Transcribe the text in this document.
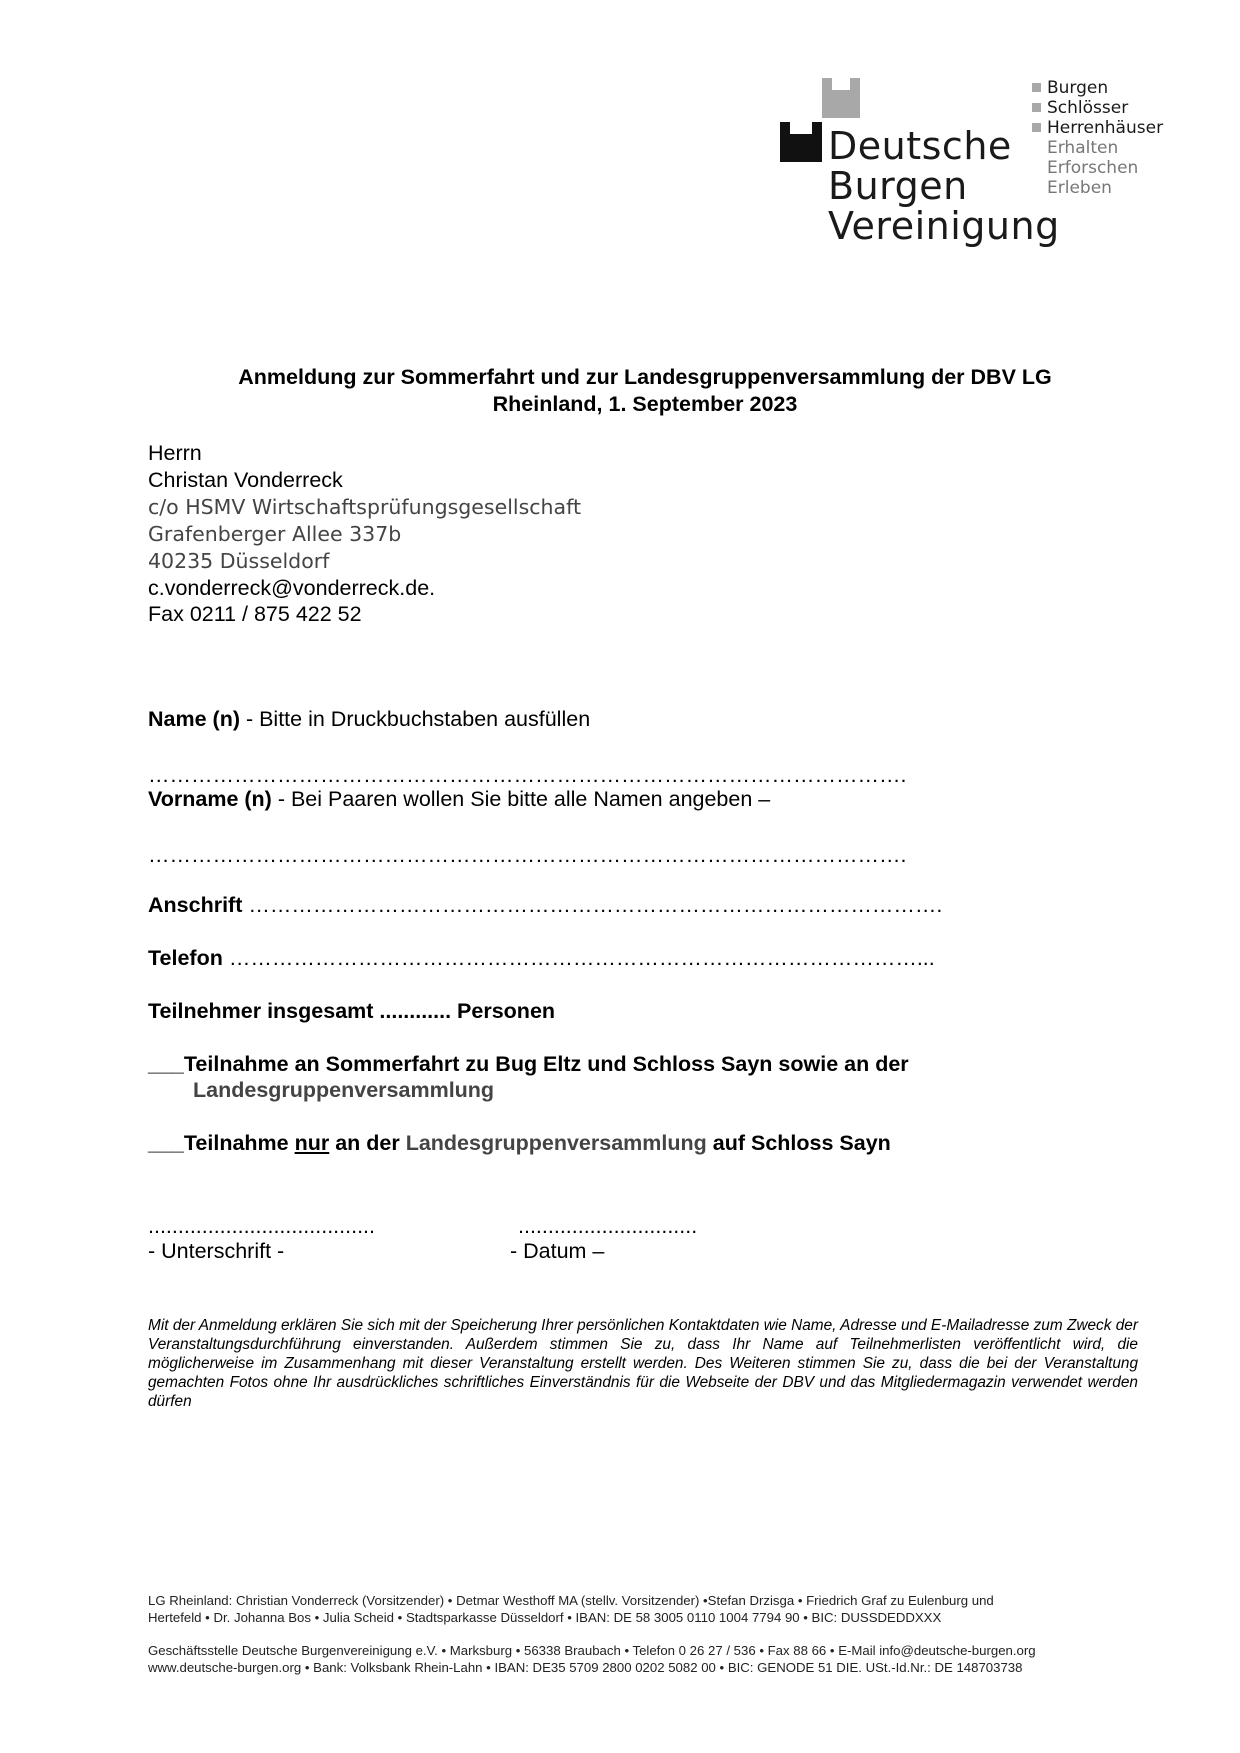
Deutsche
Burgen
Vereinigung
Burgen
Schlösser
Herrenhäuser
Erhalten
Erforschen
Erleben
Anmeldung zur Sommerfahrt und zur Landesgruppenversammlung der DBV LG
Rheinland, 1. September 2023
Herrn
Christan Vonderreck
c/o HSMV Wirtschaftsprüfungsgesellschaft
Grafenberger Allee 337b
40235 Düsseldorf
c.vonderreck@vonderreck.de.
Fax 0211 / 875 422 52
Name (n) - Bitte in Druckbuchstaben ausfüllen
…………………………………………………………………………………………….
Vorname (n) - Bei Paaren wollen Sie bitte alle Namen angeben –
…………………………………………………………………………………………….
Anschrift …………………………………………………………………………………….
Telefon ……………………………………………………………………………………...
Teilnehmer insgesamt ............ Personen
___Teilnahme an Sommerfahrt zu Bug Eltz und Schloss Sayn sowie an der
Landesgruppenversammlung
___Teilnahme nur an der Landesgruppenversammlung auf Schloss Sayn
......................................
- Unterschrift -
..............................
- Datum –
Mit der Anmeldung erklären Sie sich mit der Speicherung Ihrer persönlichen Kontaktdaten wie Name, Adresse und E-Mailadresse zum Zweck der Veranstaltungsdurchführung einverstanden. Außerdem stimmen Sie zu, dass Ihr Name auf Teilnehmerlisten veröffentlicht wird, die möglicherweise im Zusammenhang mit dieser Veranstaltung erstellt werden. Des Weiteren stimmen Sie zu, dass die bei der Veranstaltung gemachten Fotos ohne Ihr ausdrückliches schriftliches Einverständnis für die Webseite der DBV und das Mitgliedermagazin verwendet werden dürfen
LG Rheinland: Christian Vonderreck (Vorsitzender) • Detmar Westhoff MA (stellv. Vorsitzender) •Stefan Drzisga • Friedrich Graf zu Eulenburg und
Hertefeld • Dr. Johanna Bos • Julia Scheid • Stadtsparkasse Düsseldorf • IBAN: DE 58 3005 0110 1004 7794 90 • BIC: DUSSDEDDXXX
Geschäftsstelle Deutsche Burgenvereinigung e.V. • Marksburg • 56338 Braubach • Telefon 0 26 27 / 536 • Fax 88 66 • E-Mail info@deutsche-burgen.org
www.deutsche-burgen.org • Bank: Volksbank Rhein-Lahn • IBAN: DE35 5709 2800 0202 5082 00 • BIC: GENODE 51 DIE. USt.-Id.Nr.: DE 148703738
